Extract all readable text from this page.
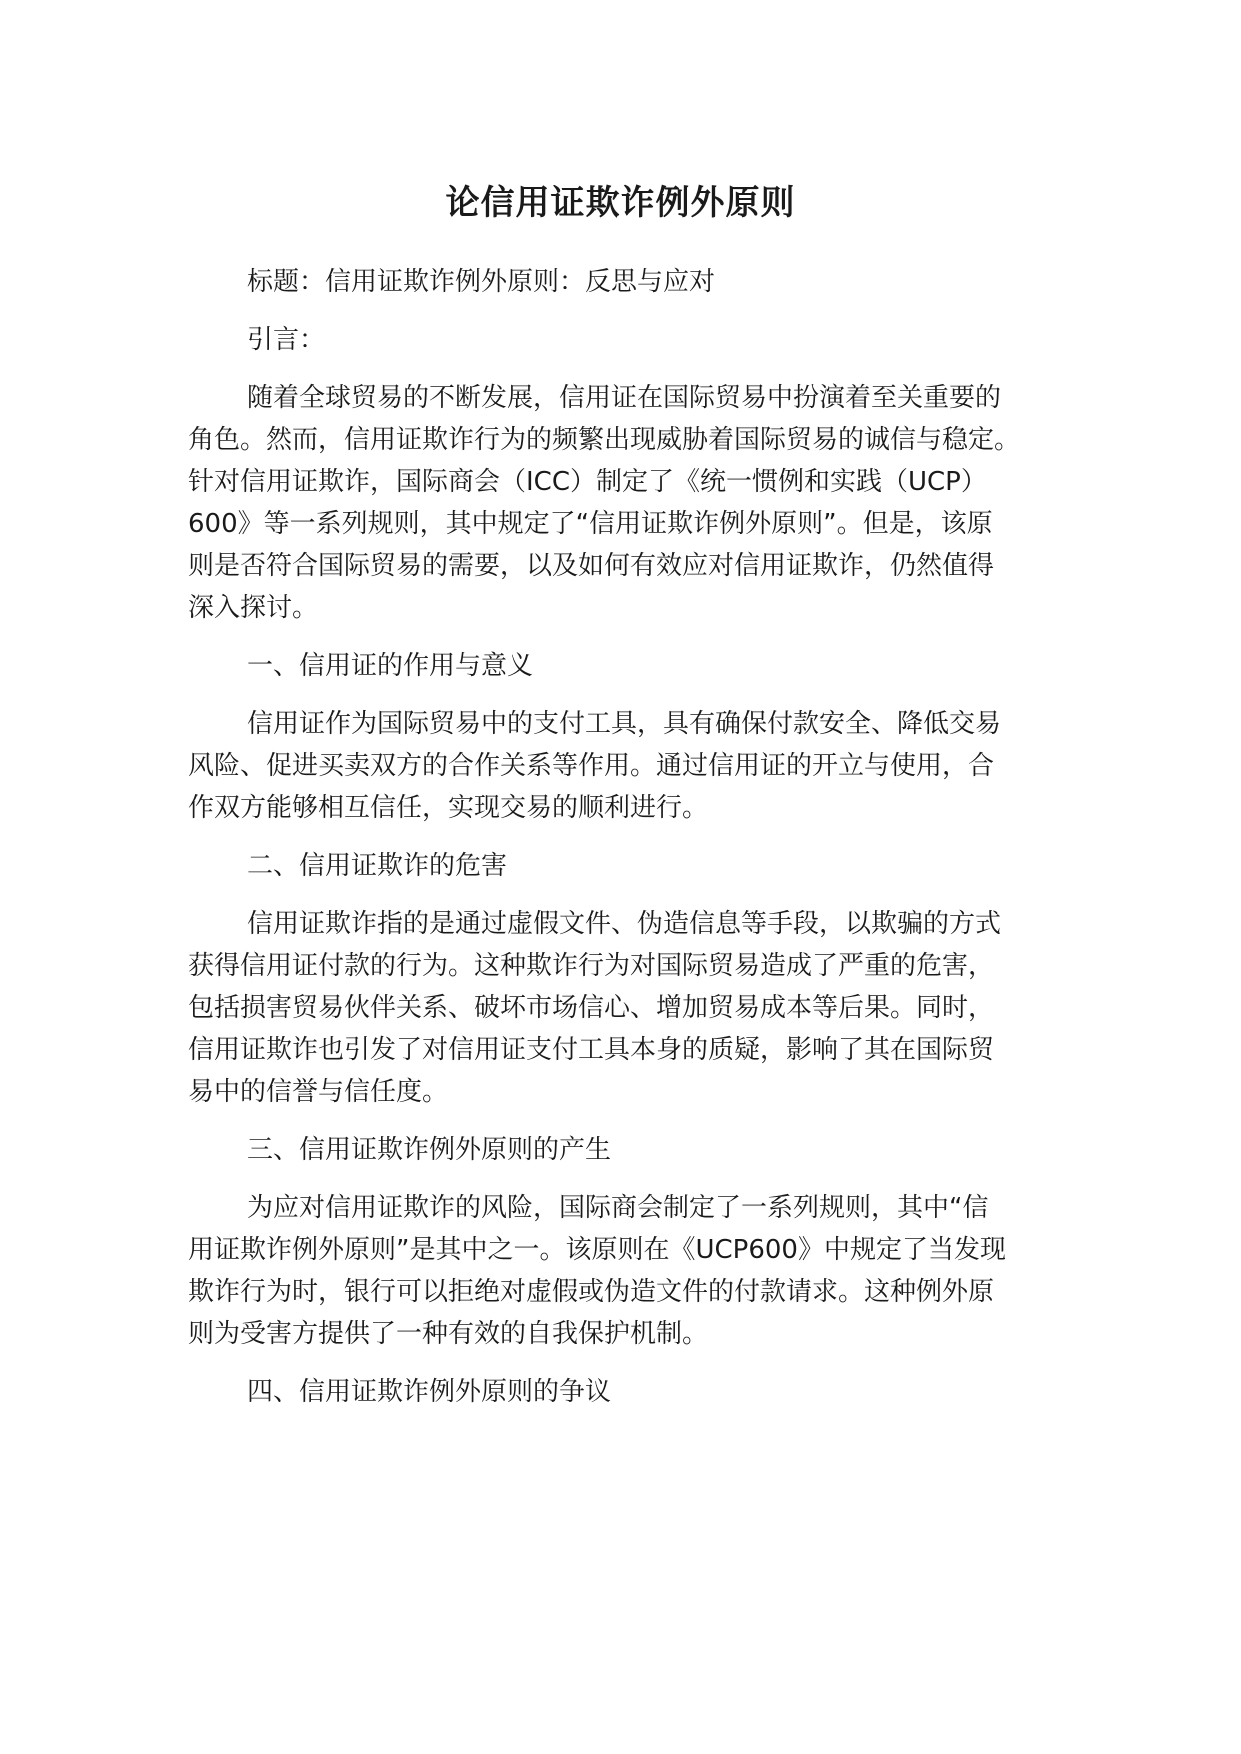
论信用证欺诈例外原则

标题：信用证欺诈例外原则：反思与应对

引言：

随着全球贸易的不断发展，信用证在国际贸易中扮演着至关重要的

角色。然而，信用证欺诈行为的频繁出现威胁着国际贸易的诚信与稳定。

针对信用证欺诈，国际商会（ICC）制定了《统一惯例和实践（UCP）

600》等一系列规则，其中规定了“信用证欺诈例外原则”。但是，该原

则是否符合国际贸易的需要，以及如何有效应对信用证欺诈，仍然值得

深入探讨。

一、信用证的作用与意义

信用证作为国际贸易中的支付工具，具有确保付款安全、降低交易

风险、促进买卖双方的合作关系等作用。通过信用证的开立与使用，合

作双方能够相互信任，实现交易的顺利进行。

二、信用证欺诈的危害

信用证欺诈指的是通过虚假文件、伪造信息等手段，以欺骗的方式

获得信用证付款的行为。这种欺诈行为对国际贸易造成了严重的危害，

包括损害贸易伙伴关系、破坏市场信心、增加贸易成本等后果。同时，

信用证欺诈也引发了对信用证支付工具本身的质疑，影响了其在国际贸

易中的信誉与信任度。

三、信用证欺诈例外原则的产生

为应对信用证欺诈的风险，国际商会制定了一系列规则，其中“信

用证欺诈例外原则”是其中之一。该原则在《UCP600》中规定了当发现

欺诈行为时，银行可以拒绝对虚假或伪造文件的付款请求。这种例外原

则为受害方提供了一种有效的自我保护机制。

四、信用证欺诈例外原则的争议
